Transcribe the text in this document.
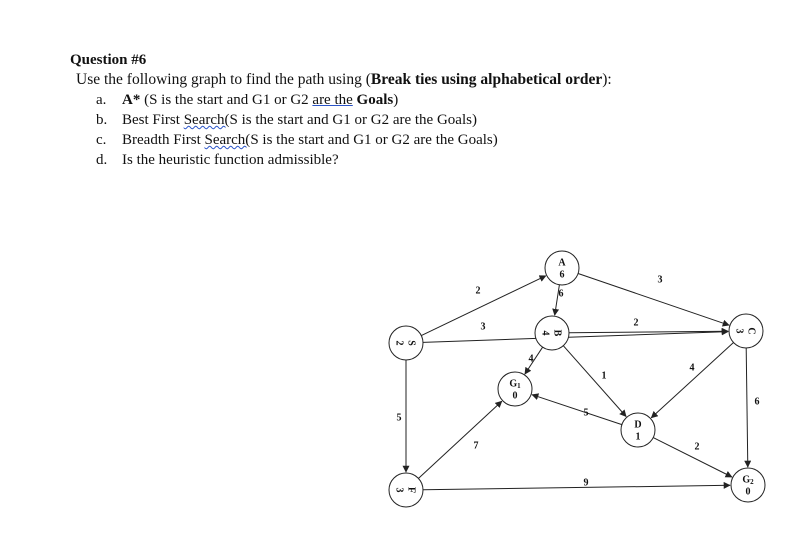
Question #6
Use the following graph to find the path using (Break ties using alphabetical order):
a. A* (S is the start and G1 or G2 are the Goals)
b. Best First Search(S is the start and G1 or G2 are the Goals)
c. Breadth First Search(S is the start and G1 or G2 are the Goals)
d. Is the heuristic function admissible?
2
3
5
6
3
1
2
4
4
6
5
2
7
9
S
2
A
6
B
4	C
3
D
1
$G_1$
0
$G_2$
0
F
3
